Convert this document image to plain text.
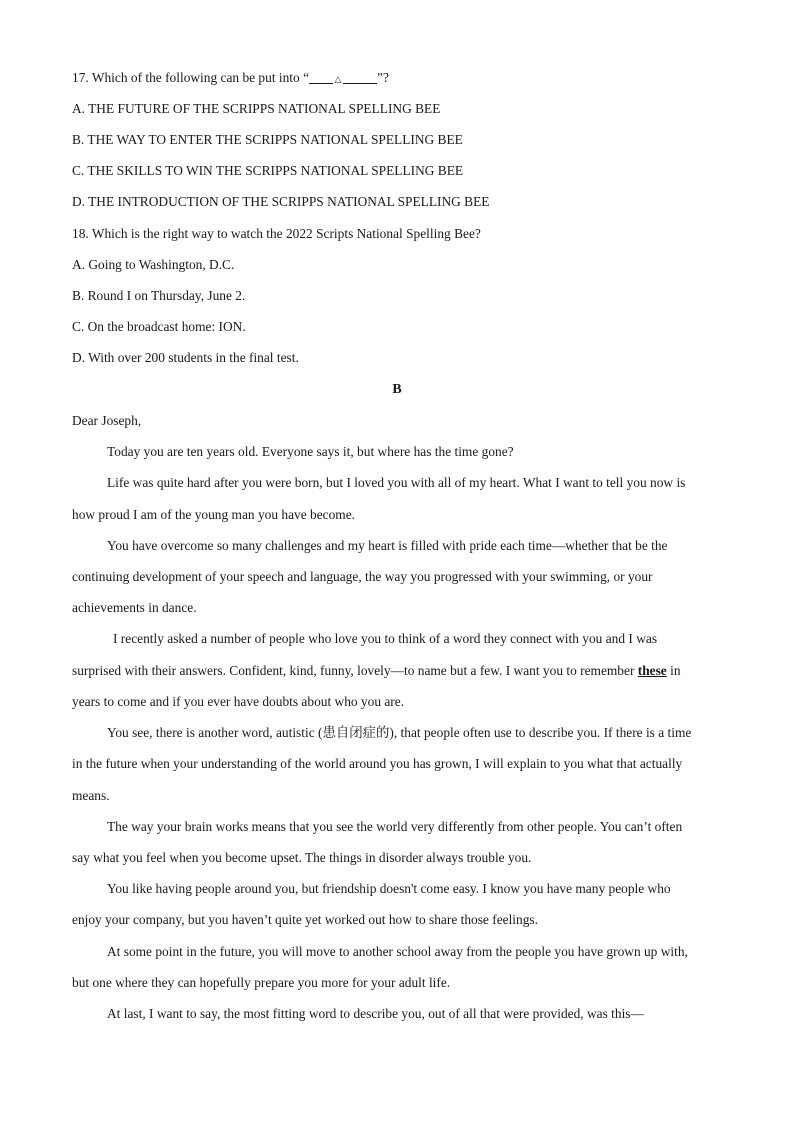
17. Which of the following can be put into “	△	”?
A. THE FUTURE OF THE SCRIPPS NATIONAL SPELLING BEE
B. THE WAY TO ENTER THE SCRIPPS NATIONAL SPELLING BEE
C. THE SKILLS TO WIN THE SCRIPPS NATIONAL SPELLING BEE
D. THE INTRODUCTION OF THE SCRIPPS NATIONAL SPELLING BEE
18. Which is the right way to watch the 2022 Scripts National Spelling Bee?
A. Going to Washington, D.C.
B. Round I on Thursday, June 2.
C. On the broadcast home: ION.
D. With over 200 students in the final test.
B
Dear Joseph,
Today you are ten years old. Everyone says it, but where has the time gone?
Life was quite hard after you were born, but I loved you with all of my heart. What I want to tell you now is
how proud I am of the young man you have become.
You have overcome so many challenges and my heart is filled with pride each time—whether that be the
continuing development of your speech and language, the way you progressed with your swimming, or your
achievements in dance.
I recently asked a number of people who love you to think of a word they connect with you and I was
surprised with their answers. Confident, kind, funny, lovely—to name but a few. I want you to remember these in
years to come and if you ever have doubts about who you are.
You see, there is another word, autistic (患自闭症的), that people often use to describe you. If there is a time
in the future when your understanding of the world around you has grown, I will explain to you what that actually
means.
The way your brain works means that you see the world very differently from other people. You can’t often
say what you feel when you become upset. The things in disorder always trouble you.
You like having people around you, but friendship doesn't come easy. I know you have many people who
enjoy your company, but you haven’t quite yet worked out how to share those feelings.
At some point in the future, you will move to another school away from the people you have grown up with,
but one where they can hopefully prepare you more for your adult life.
At last, I want to say, the most fitting word to describe you, out of all that were provided, was this—
